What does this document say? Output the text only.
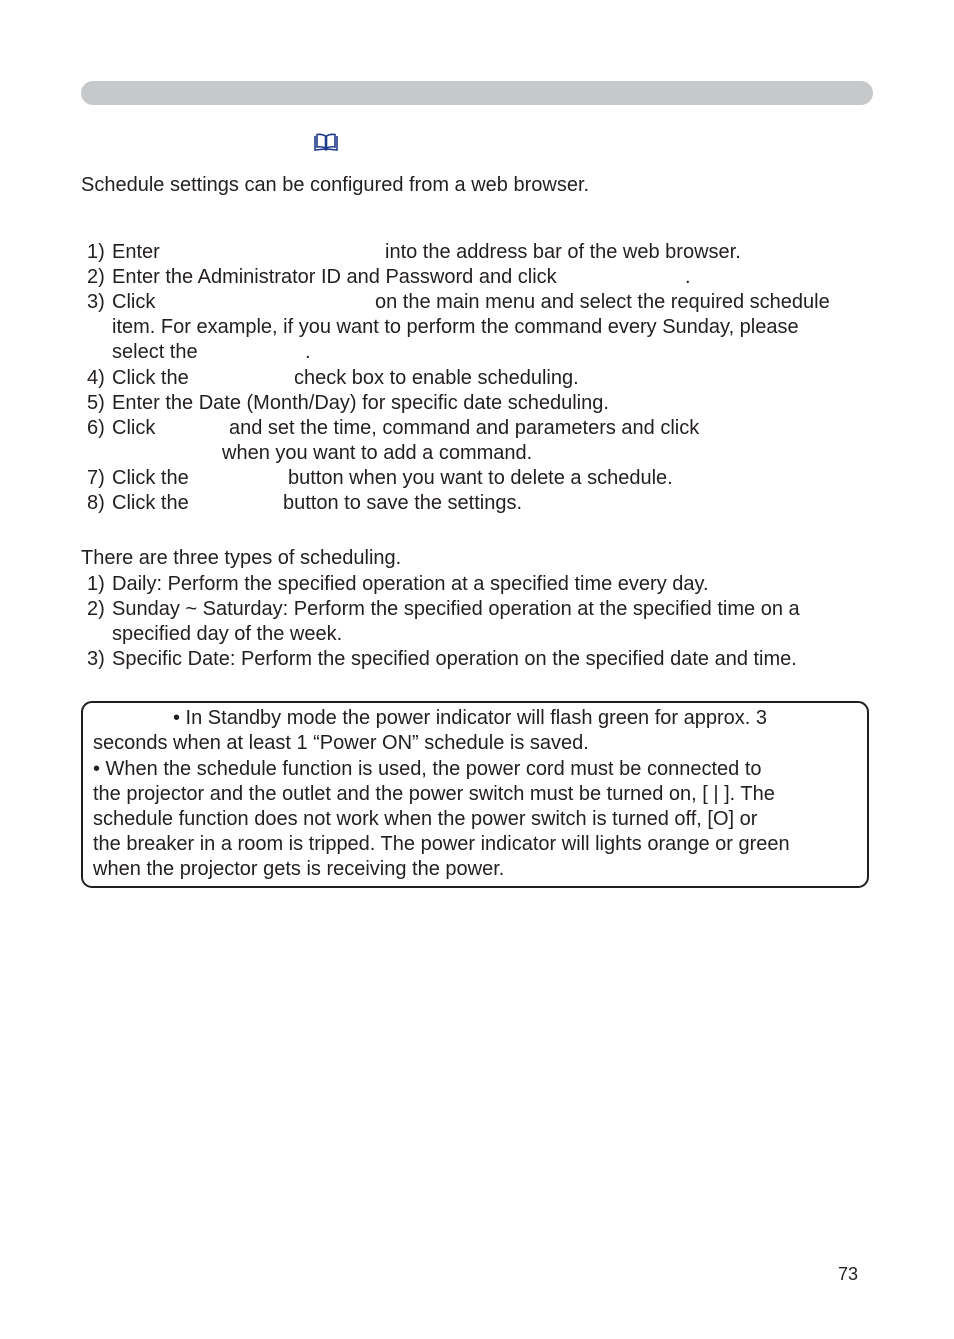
Schedule settings can be configured from a web browser.
1) Enter	into the address bar of the web browser.
2) Enter the Administrator ID and Password and click	.
3) Click	on the main menu and select the required schedule
item. For example, if you want to perform the command every Sunday, please
select the	.
4) Click the	check box to enable scheduling.
5) Enter the Date (Month/Day) for specific date scheduling.
6) Click	and set the time, command and parameters and click
when you want to add a command.
7) Click the	button when you want to delete a schedule.
8) Click the	button to save the settings.
There are three types of scheduling.
1) Daily: Perform the specified operation at a specified time every day.
2) Sunday ~ Saturday: Perform the specified operation at the specified time on a
specified day of the week.
3) Specific Date: Perform the specified operation on the specified date and time.
• In Standby mode the power indicator will flash green for approx. 3
seconds when at least 1 “Power ON” schedule is saved.
• When the schedule function is used, the power cord must be connected to
the projector and the outlet and the power switch must be turned on, [ | ]. The
schedule function does not work when the power switch is turned off, [O] or
the breaker in a room is tripped. The power indicator will lights orange or green
when the projector gets is receiving the power.
73
